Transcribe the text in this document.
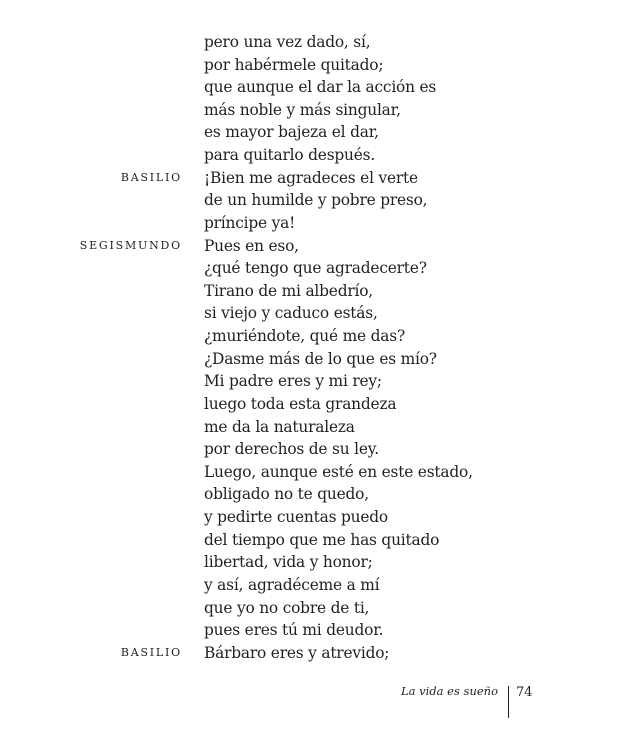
pero una vez dado, sí,
por habérmele quitado;
que aunque el dar la acción es
más noble y más singular,
es mayor bajeza el dar,
para quitarlo después.
BASILIO ¡Bien me agradeces el verte
de un humilde y pobre preso,
príncipe ya!
SEGISMUNDO Pues en eso,
¿qué tengo que agradecerte?
Tirano de mi albedrío,
si viejo y caduco estás,
¿muriéndote, qué me das?
¿Dasme más de lo que es mío?
Mi padre eres y mi rey;
luego toda esta grandeza
me da la naturaleza
por derechos de su ley.
Luego, aunque esté en este estado,
obligado no te quedo,
y pedirte cuentas puedo
del tiempo que me has quitado
libertad, vida y honor;
y así, agradéceme a mí
que yo no cobre de ti,
pues eres tú mi deudor.
BASILIO Bárbaro eres y atrevido;
La vida es sueño 74
